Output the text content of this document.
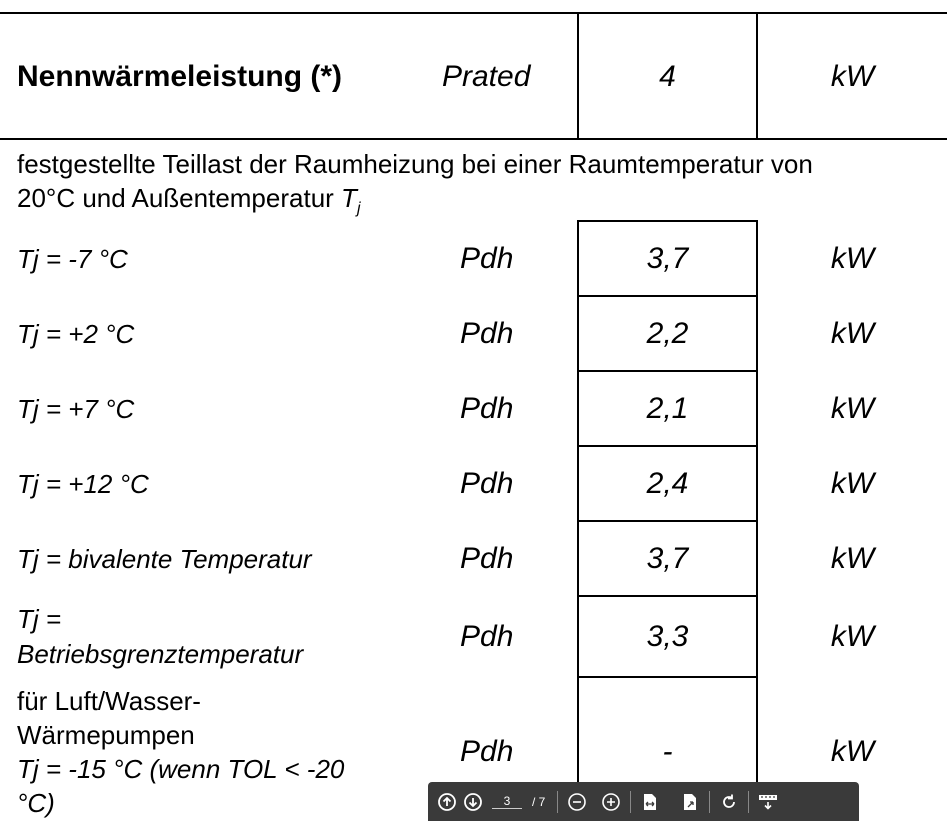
Nennwärmeleistung (*)	Prated	4	kW
festgestellte Teillast der Raumheizung bei einer Raumtemperatur von
20°C und Außentemperatur $T_j$
Tj = -7 °C	Pdh	3,7	kW
Tj = +2 °C	Pdh	2,2	kW
Tj = +7 °C	Pdh	2,1	kW
Tj = +12 °C	Pdh	2,4	kW
Tj = bivalente Temperatur	Pdh	3,7	kW
Tj =
Betriebsgrenztemperatur
Pdh	3,3	kW
für Luft/Wasser-
Wärmepumpen
Tj = -15 °C (wenn TOL < -20
°C)
Pdh	-	kW
3	/ 7
